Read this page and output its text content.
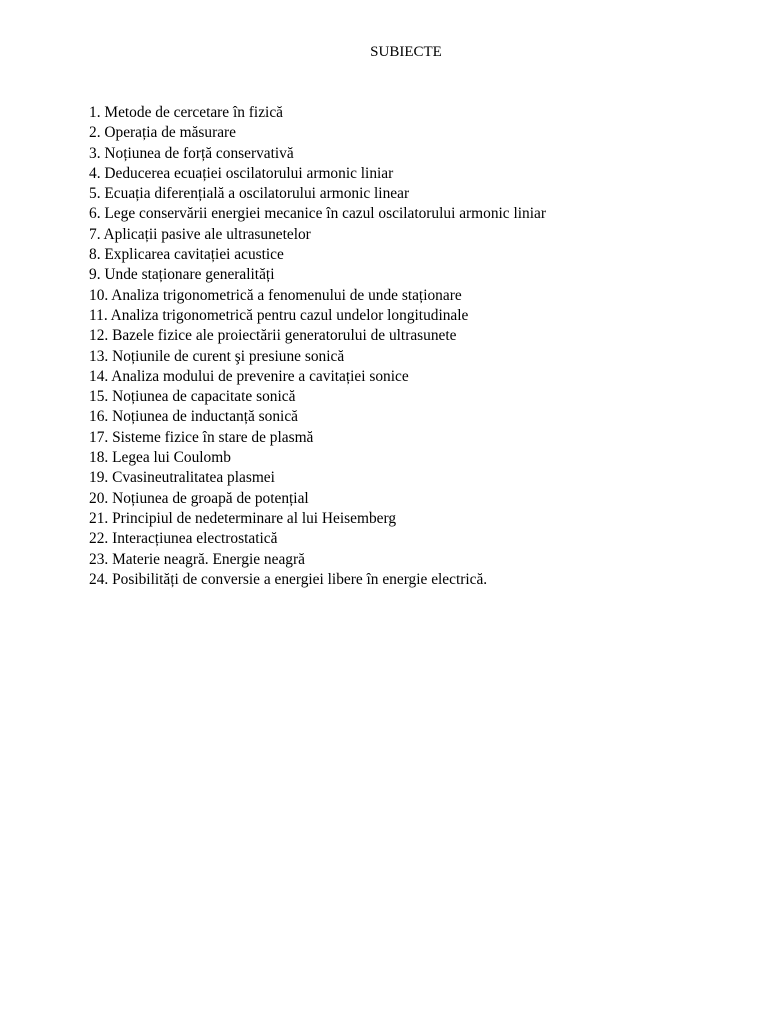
SUBIECTE
1. Metode de cercetare în fizică
2. Operația de măsurare
3. Noțiunea de forță conservativă
4. Deducerea ecuației oscilatorului armonic liniar
5. Ecuația diferențială a oscilatorului armonic linear
6. Lege conservării energiei mecanice în cazul oscilatorului armonic liniar
7. Aplicații pasive ale ultrasunetelor
8. Explicarea cavitației acustice
9. Unde staționare generalități
10. Analiza trigonometrică a fenomenului de unde staționare
11. Analiza trigonometrică pentru cazul undelor longitudinale
12. Bazele fizice ale proiectării generatorului de ultrasunete
13. Noțiunile de curent şi presiune sonică
14. Analiza modului de prevenire a cavitației sonice
15. Noțiunea de capacitate sonică
16. Noțiunea de inductanță sonică
17. Sisteme fizice în stare de plasmă
18. Legea lui Coulomb
19. Cvasineutralitatea plasmei
20. Noțiunea de groapă de potențial
21. Principiul de nedeterminare al lui Heisemberg
22. Interacțiunea electrostatică
23. Materie neagră. Energie neagră
24. Posibilități de conversie a energiei libere în energie electrică.
